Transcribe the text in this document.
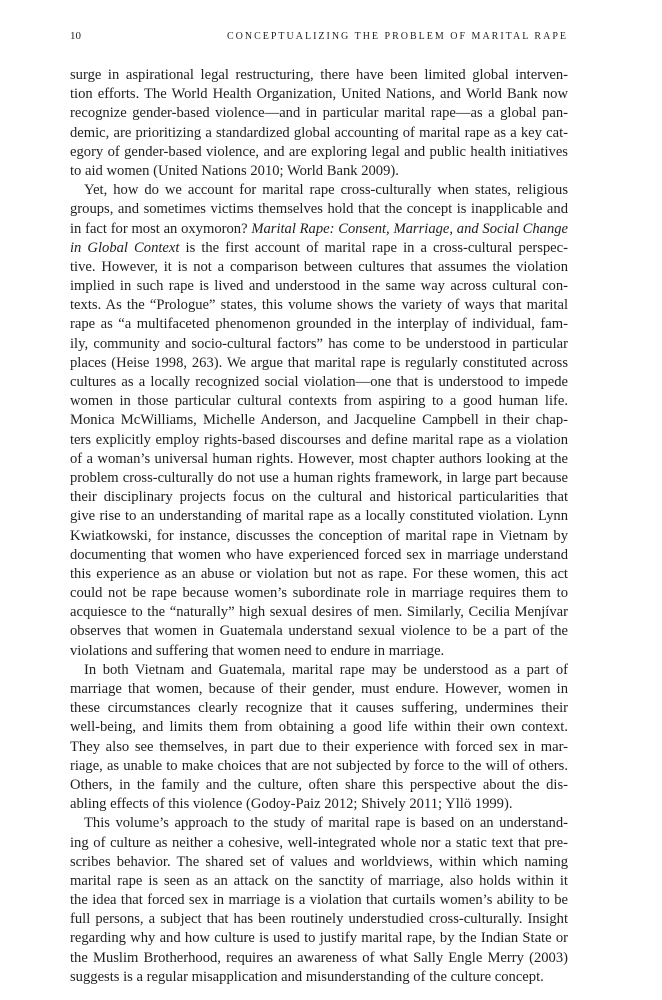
10	CONCEPTUALIZING THE PROBLEM OF MARITAL RAPE
surge in aspirational legal restructuring, there have been limited global interven-
tion efforts. The World Health Organization, United Nations, and World Bank now
recognize gender-based violence—and in particular marital rape—as a global pan-
demic, are prioritizing a standardized global accounting of marital rape as a key cat-
egory of gender-based violence, and are exploring legal and public health initiatives
to aid women (United Nations 2010; World Bank 2009).
Yet, how do we account for marital rape cross-culturally when states, religious
groups, and sometimes victims themselves hold that the concept is inapplicable and
in fact for most an oxymoron? Marital Rape: Consent, Marriage, and Social Change
in Global Context is the first account of marital rape in a cross-cultural perspec-
tive. However, it is not a comparison between cultures that assumes the violation
implied in such rape is lived and understood in the same way across cultural con-
texts. As the “Prologue” states, this volume shows the variety of ways that marital
rape as “a multifaceted phenomenon grounded in the interplay of individual, fam-
ily, community and socio-cultural factors” has come to be understood in particular
places (Heise 1998, 263). We argue that marital rape is regularly constituted across
cultures as a locally recognized social violation—one that is understood to impede
women in those particular cultural contexts from aspiring to a good human life.
Monica McWilliams, Michelle Anderson, and Jacqueline Campbell in their chap-
ters explicitly employ rights-based discourses and define marital rape as a violation
of a woman’s universal human rights. However, most chapter authors looking at the
problem cross-culturally do not use a human rights framework, in large part because
their disciplinary projects focus on the cultural and historical particularities that
give rise to an understanding of marital rape as a locally constituted violation. Lynn
Kwiatkowski, for instance, discusses the conception of marital rape in Vietnam by
documenting that women who have experienced forced sex in marriage understand
this experience as an abuse or violation but not as rape. For these women, this act
could not be rape because women’s subordinate role in marriage requires them to
acquiesce to the “naturally” high sexual desires of men. Similarly, Cecilia Menjívar
observes that women in Guatemala understand sexual violence to be a part of the
violations and suffering that women need to endure in marriage.
In both Vietnam and Guatemala, marital rape may be understood as a part of
marriage that women, because of their gender, must endure. However, women in
these circumstances clearly recognize that it causes suffering, undermines their
well-being, and limits them from obtaining a good life within their own context.
They also see themselves, in part due to their experience with forced sex in mar-
riage, as unable to make choices that are not subjected by force to the will of others.
Others, in the family and the culture, often share this perspective about the dis-
abling effects of this violence (Godoy-Paiz 2012; Shively 2011; Yllö 1999).
This volume’s approach to the study of marital rape is based on an understand-
ing of culture as neither a cohesive, well-integrated whole nor a static text that pre-
scribes behavior. The shared set of values and worldviews, within which naming
marital rape is seen as an attack on the sanctity of marriage, also holds within it
the idea that forced sex in marriage is a violation that curtails women’s ability to be
full persons, a subject that has been routinely understudied cross-culturally. Insight
regarding why and how culture is used to justify marital rape, by the Indian State or
the Muslim Brotherhood, requires an awareness of what Sally Engle Merry (2003)
suggests is a regular misapplication and misunderstanding of the culture concept.
